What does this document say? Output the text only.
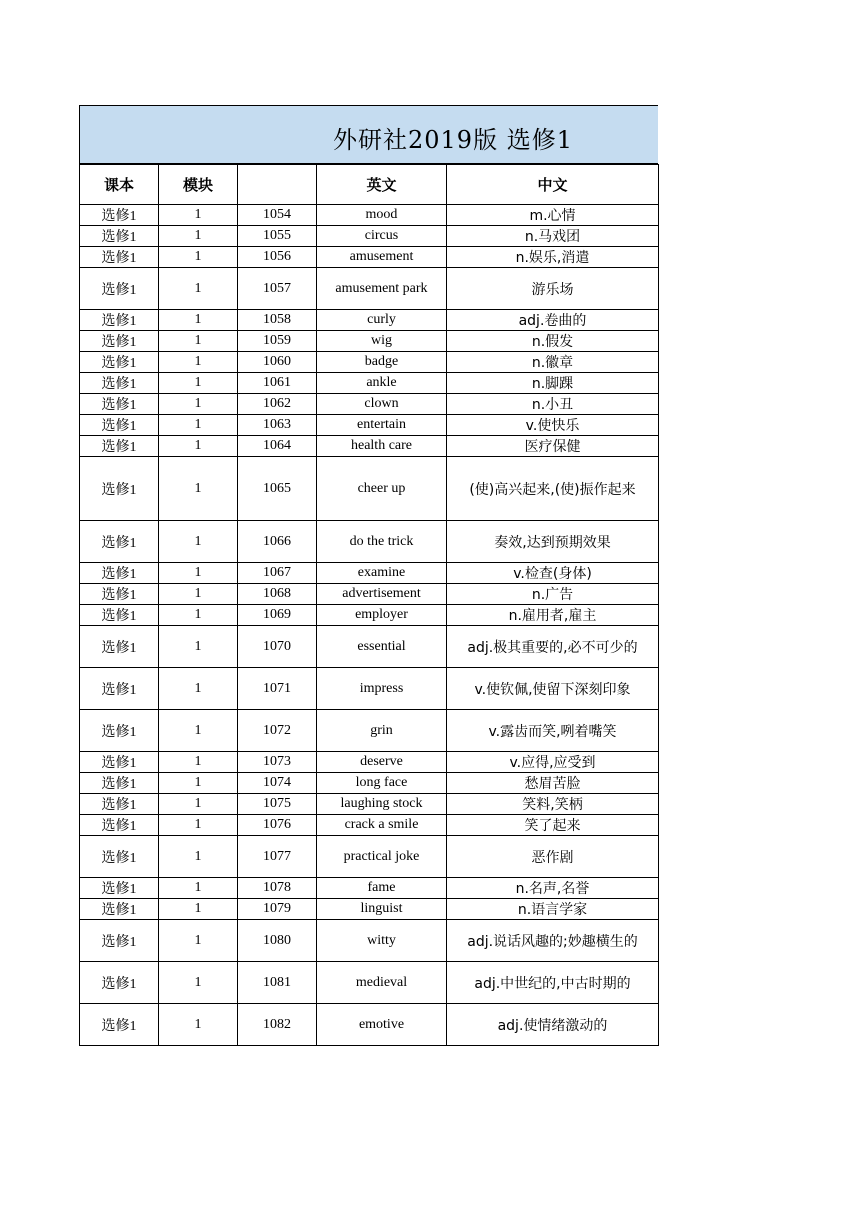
外研社2019版 选修1
课本	模块		英文	中文
选修1	1	1054	mood	m.心情
选修1	1	1055	circus	n.马戏团
选修1	1	1056	amusement	n.娱乐,消遣
选修1	1	1057	amusement park	游乐场
选修1	1	1058	curly	adj.卷曲的
选修1	1	1059	wig	n.假发
选修1	1	1060	badge	n.徽章
选修1	1	1061	ankle	n.脚踝
选修1	1	1062	clown	n.小丑
选修1	1	1063	entertain	v.使快乐
选修1	1	1064	health care	医疗保健
选修1	1	1065	cheer up	(使)高兴起来,(使)振作起来
选修1	1	1066	do the trick	奏效,达到预期效果
选修1	1	1067	examine	v.检查(身体)
选修1	1	1068	advertisement	n.广告
选修1	1	1069	employer	n.雇用者,雇主
选修1	1	1070	essential	adj.极其重要的,必不可少的
选修1	1	1071	impress	v.使钦佩,使留下深刻印象
选修1	1	1072	grin	v.露齿而笑,咧着嘴笑
选修1	1	1073	deserve	v.应得,应受到
选修1	1	1074	long face	愁眉苦脸
选修1	1	1075	laughing stock	笑料,笑柄
选修1	1	1076	crack a smile	笑了起来
选修1	1	1077	practical joke	恶作剧
选修1	1	1078	fame	n.名声,名誉
选修1	1	1079	linguist	n.语言学家
选修1	1	1080	witty	adj.说话风趣的;妙趣横生的
选修1	1	1081	medieval	adj.中世纪的,中古时期的
选修1	1	1082	emotive	adj.使情绪激动的
